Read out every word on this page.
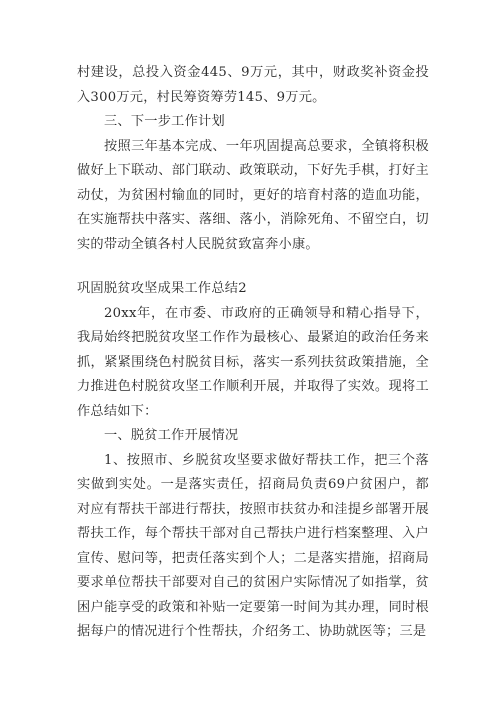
村建设，总投入资金445、9万元，其中，财政奖补资金投入300万元，村民筹资筹劳145、9万元。

三、下一步工作计划

按照三年基本完成、一年巩固提高总要求，全镇将积极做好上下联动、部门联动、政策联动，下好先手棋，打好主动仗，为贫困村输血的同时，更好的培育村落的造血功能，在实施帮扶中落实、落细、落小，消除死角、不留空白，切实的带动全镇各村人民脱贫致富奔小康。

巩固脱贫攻坚成果工作总结2

20xx年，在市委、市政府的正确领导和精心指导下，我局始终把脱贫攻坚工作作为最核心、最紧迫的政治任务来抓，紧紧围绕色村脱贫目标，落实一系列扶贫政策措施，全力推进色村脱贫攻坚工作顺利开展，并取得了实效。现将工作总结如下：

一、脱贫工作开展情况

1、按照市、乡脱贫攻坚要求做好帮扶工作，把三个落实做到实处。一是落实责任，招商局负责69户贫困户，都对应有帮扶干部进行帮扶，按照市扶贫办和洼提乡部署开展帮扶工作，每个帮扶干部对自己帮扶户进行档案整理、入户宣传、慰问等，把责任落实到个人；二是落实措施，招商局要求单位帮扶干部要对自己的贫困户实际情况了如指掌，贫困户能享受的政策和补贴一定要第一时间为其办理，同时根据每户的情况进行个性帮扶，介绍务工、协助就医等；三是
